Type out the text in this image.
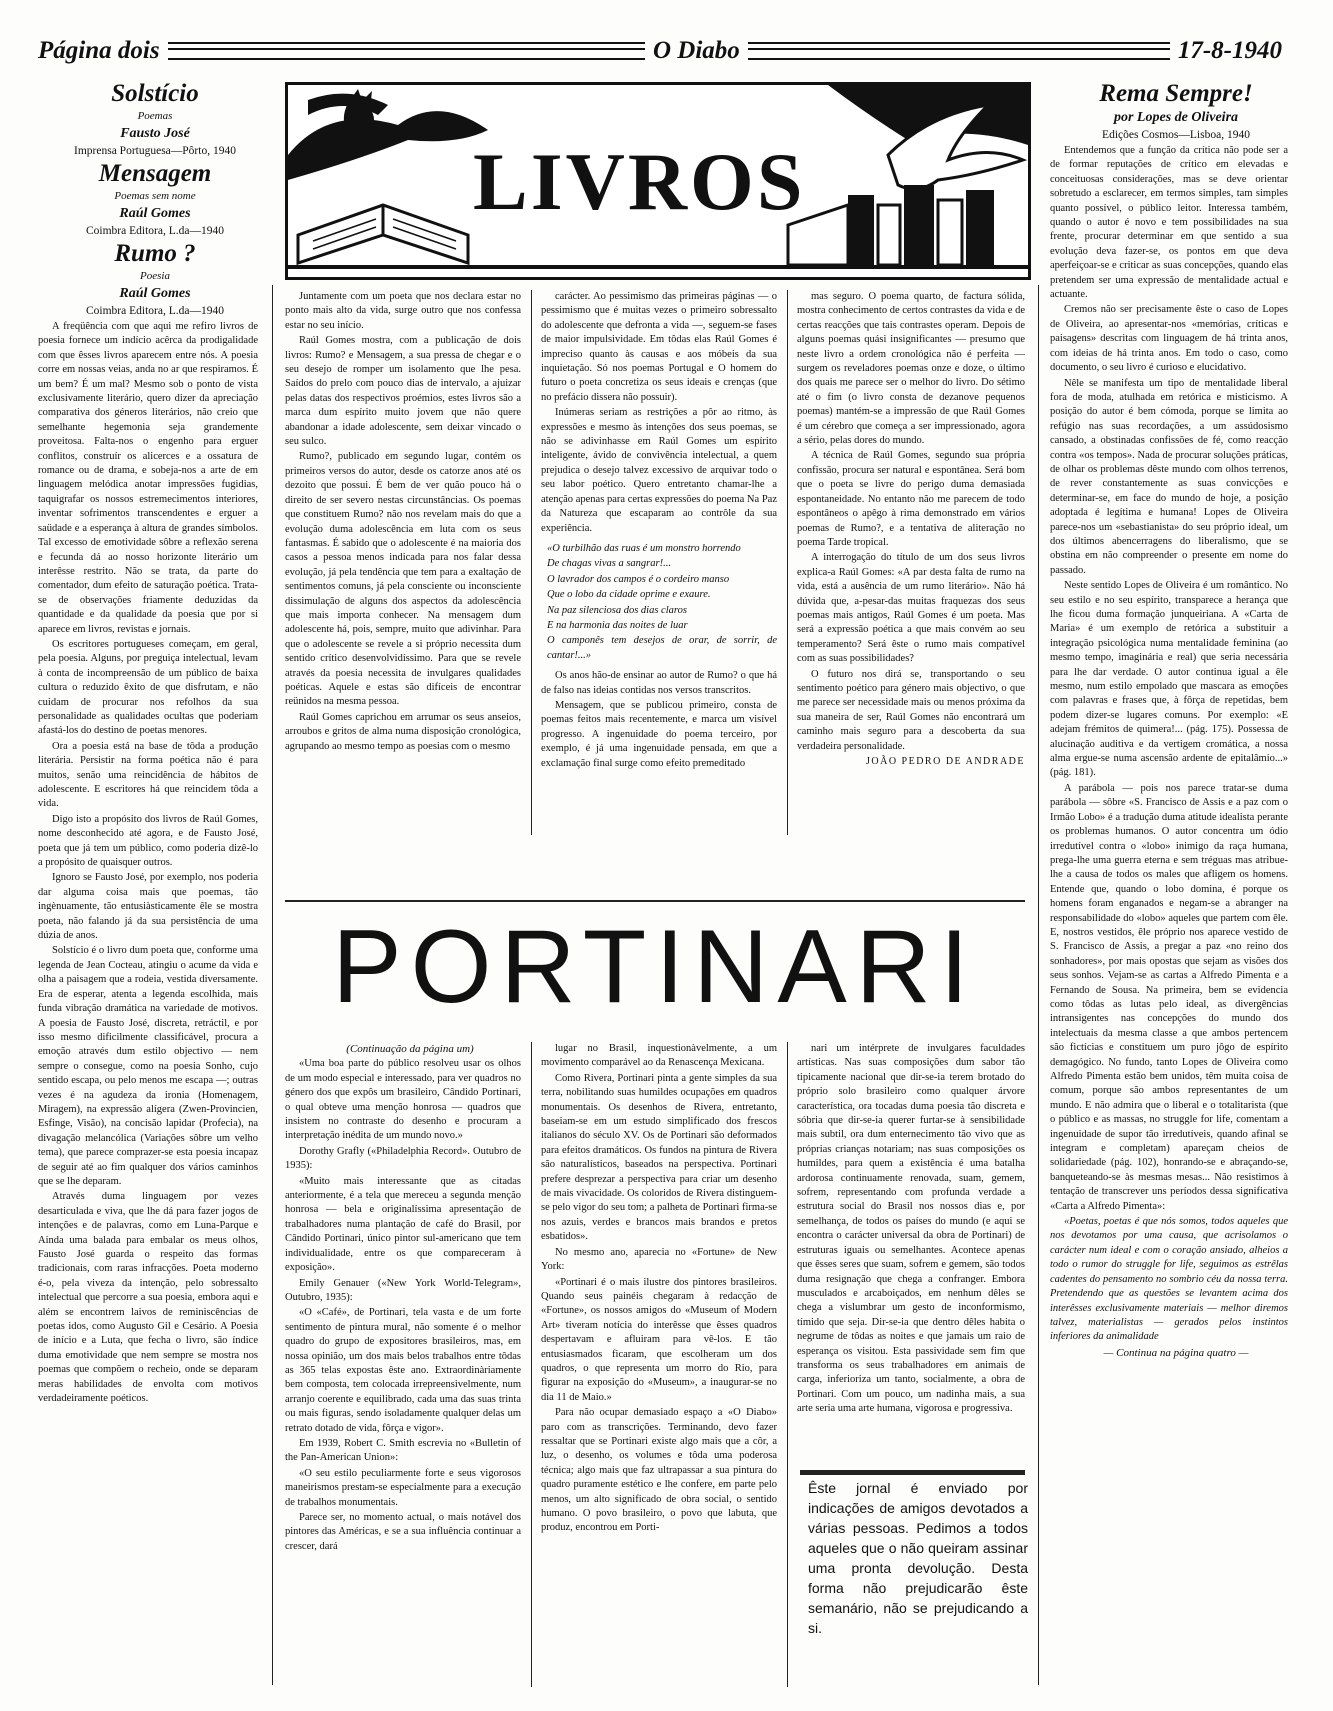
Página dois	O Diabo	17-8-1940

Solstício

Poemas

Fausto José

Imprensa Portuguesa—Pôrto, 1940

Mensagem

Poemas sem nome

Raúl Gomes

Coimbra Editora, L.da—1940

Rumo ?

Poesia

Raúl Gomes

Coimbra Editora, L.da—1940

A freqüência com que aqui me refiro livros de poesia fornece um indício acêrca da prodigalidade com que êsses livros aparecem entre nós. A poesia corre em nossas veias, anda no ar que respiramos. É um bem? É um mal? Mesmo sob o ponto de vista exclusivamente literário, quero dizer da apreciação comparativa dos géneros literários, não creio que semelhante hegemonia seja grandemente proveitosa. Falta-nos o engenho para erguer conflitos, construír os alicerces e a ossatura de romance ou de drama, e sobeja-nos a arte de em linguagem melódica anotar impressões fugidias, taquigrafar os nossos estremecimentos interiores, inventar sofrimentos transcendentes e erguer a saüdade e a esperança à altura de grandes símbolos. Tal excesso de emotividade sôbre a reflexão serena e fecunda dá ao nosso horizonte literário um interêsse restrito. Não se trata, da parte do comentador, dum efeito de saturação poética. Trata-se de observações friamente deduzidas da quantidade e da qualidade da poesia que por si aparece em livros, revistas e jornais.

Os escritores portugueses começam, em geral, pela poesia. Alguns, por preguiça intelectual, levam à conta de incompreensão de um público de baixa cultura o reduzido êxito de que disfrutam, e não cuidam de procurar nos refolhos da sua personalidade as qualidades ocultas que poderiam afastá-los do destino de poetas menores.

Ora a poesia está na base de tôda a produção literária. Persistir na forma poética não é para muitos, senão uma reincidência de hábitos de adolescente. E escritores há que reincidem tôda a vida.

Digo isto a propósito dos livros de Raúl Gomes, nome desconhecido até agora, e de Fausto José, poeta que já tem um público, como poderia dizê-lo a propósito de quaisquer outros.

Ignoro se Fausto José, por exemplo, nos poderia dar alguma coisa mais que poemas, tão ingènuamente, tão entusiàsticamente êle se mostra poeta, não falando já da sua persistência de uma dúzia de anos.

Solstício é o livro dum poeta que, conforme uma legenda de Jean Cocteau, atingiu o acume da vida e olha a paisagem que a rodeia, vestida diversamente. Era de esperar, atenta a legenda escolhida, mais funda vibração dramática na variedade de motivos. A poesia de Fausto José, discreta, retráctil, e por isso mesmo dificilmente classificável, procura a emoção através dum estilo objectivo — nem sempre o consegue, como na poesia Sonho, cujo sentido escapa, ou pelo menos me escapa —; outras vezes é na agudeza da ironia (Homenagem, Miragem), na expressão alígera (Zwen-Provincien, Esfinge, Visão), na concisão lapidar (Profecia), na divagação melancólica (Variações sôbre um velho tema), que parece comprazer-se esta poesia incapaz de seguir até ao fim qualquer dos vários caminhos que se lhe deparam.

Através duma linguagem por vezes desarticulada e viva, que lhe dá para fazer jogos de intenções e de palavras, como em Luna-Parque e Ainda uma balada para embalar os meus olhos, Fausto José guarda o respeito das formas tradicionais, com raras infracções. Poeta moderno é-o, pela viveza da intenção, pelo sobressalto intelectual que percorre a sua poesia, embora aqui e além se encontrem laivos de reminiscências de poetas idos, como Augusto Gil e Cesário. A Poesia de início e a Luta, que fecha o livro, são índice duma emotividade que nem sempre se mostra nos poemas que compõem o recheio, onde se deparam meras habilidades de envolta com motivos verdadeiramente poéticos.

LIVROS

Juntamente com um poeta que nos declara estar no ponto mais alto da vida, surge outro que nos confessa estar no seu início.

Raúl Gomes mostra, com a publicação de dois livros: Rumo? e Mensagem, a sua pressa de chegar e o seu desejo de romper um isolamento que lhe pesa. Saídos do prelo com pouco dias de intervalo, a ajuizar pelas datas dos respectivos proémios, estes livros são a marca dum espírito muito jovem que não quere abandonar a idade adolescente, sem deixar vincado o seu sulco.

Rumo?, publicado em segundo lugar, contém os primeiros versos do autor, desde os catorze anos até os dezoito que possui. É bem de ver quão pouco há o direito de ser severo nestas circunstâncias. Os poemas que constituem Rumo? não nos revelam mais do que a evolução duma adolescência em luta com os seus fantasmas. É sabido que o adolescente é na maioria dos casos a pessoa menos indicada para nos falar dessa evolução, já pela tendência que tem para a exaltação de sentimentos comuns, já pela consciente ou inconsciente dissimulação de alguns dos aspectos da adolescência que mais importa conhecer. Na mensagem dum adolescente há, pois, sempre, muito que adivinhar. Para que o adolescente se revele a si próprio necessita dum sentido crítico desenvolvidíssimo. Para que se revele através da poesia necessita de invulgares qualidades poéticas. Aquele e estas são difíceis de encontrar reünidos na mesma pessoa.

Raúl Gomes caprichou em arrumar os seus anseios, arroubos e gritos de alma numa disposição cronológica, agrupando ao mesmo tempo as poesias com o mesmo

carácter. Ao pessimismo das primeiras páginas — o pessimismo que é muitas vezes o primeiro sobressalto do adolescente que defronta a vida —, seguem-se fases de maior impulsividade. Em tôdas elas Raúl Gomes é impreciso quanto às causas e aos móbeis da sua inquietação. Só nos poemas Portugal e O homem do futuro o poeta concretiza os seus ideais e crenças (que no prefácio dissera não possuir).

Inúmeras seriam as restrições a pôr ao ritmo, às expressões e mesmo às intenções dos seus poemas, se não se adivinhasse em Raúl Gomes um espírito inteligente, ávido de convivência intelectual, a quem prejudica o desejo talvez excessivo de arquivar todo o seu labor poético. Quero entretanto chamar-lhe a atenção apenas para certas expressões do poema Na Paz da Natureza que escaparam ao contrôle da sua experiência.

«O turbilhão das ruas é um monstro horrendo

De chagas vivas a sangrar!...

O lavrador dos campos é o cordeiro manso

Que o lobo da cidade oprime e exaure.

Na paz silenciosa dos dias claros

E na harmonia das noites de luar

O camponês tem desejos de orar, de sorrir, de cantar!...»

Os anos hão-de ensinar ao autor de Rumo? o que há de falso nas ideias contidas nos versos transcritos.

Mensagem, que se publicou primeiro, consta de poemas feitos mais recentemente, e marca um visível progresso. A ingenuidade do poema terceiro, por exemplo, é já uma ingenuidade pensada, em que a exclamação final surge como efeito premeditado

mas seguro. O poema quarto, de factura sólida, mostra conhecimento de certos contrastes da vida e de certas reacções que tais contrastes operam. Depois de alguns poemas quási insignificantes — presumo que neste livro a ordem cronológica não é perfeita — surgem os reveladores poemas onze e doze, o último dos quais me parece ser o melhor do livro. Do sétimo até o fim (o livro consta de dezanove pequenos poemas) mantém-se a impressão de que Raúl Gomes é um cérebro que começa a ser impressionado, agora a sério, pelas dores do mundo.

A técnica de Raúl Gomes, segundo sua própria confissão, procura ser natural e espontânea. Será bom que o poeta se livre do perigo duma demasiada espontaneidade. No entanto não me parecem de todo espontâneos o apêgo à rima demonstrado em vários poemas de Rumo?, e a tentativa de aliteração no poema Tarde tropical.

A interrogação do título de um dos seus livros explica-a Raúl Gomes: «A par desta falta de rumo na vida, está a ausência de um rumo literário». Não há dúvida que, a-pesar-das muitas fraquezas dos seus poemas mais antigos, Raúl Gomes é um poeta. Mas será a expressão poética a que mais convém ao seu temperamento? Será êste o rumo mais compatível com as suas possibilidades?

O futuro nos dirá se, transportando o seu sentimento poético para género mais objectivo, o que me parece ser necessidade mais ou menos próxima da sua maneira de ser, Raúl Gomes não encontrará um caminho mais seguro para a descoberta da sua verdadeira personalidade.

JOÃO PEDRO DE ANDRADE

PORTINARI

(Continuação da página um)

«Uma boa parte do público resolveu usar os olhos de um modo especial e interessado, para ver quadros no género dos que expôs um brasileiro, Cândido Portinari, o qual obteve uma menção honrosa — quadros que insistem no contraste do desenho e procuram a interpretação inédita de um mundo novo.»

Dorothy Grafly («Philadelphia Record». Outubro de 1935):

«Muito mais interessante que as citadas anteriormente, é a tela que mereceu a segunda menção honrosa — bela e originalíssima apresentação de trabalhadores numa plantação de café do Brasil, por Cândido Portinari, único pintor sul-americano que tem individualidade, entre os que compareceram à exposição».

Emily Genauer («New York World-Telegram», Outubro, 1935):

«O «Café», de Portinari, tela vasta e de um forte sentimento de pintura mural, não somente é o melhor quadro do grupo de expositores brasileiros, mas, em nossa opinião, um dos mais belos trabalhos entre tôdas as 365 telas expostas êste ano. Extraordinàriamente bem composta, tem colocada irrepreensivelmente, num arranjo coerente e equilibrado, cada uma das suas trinta ou mais figuras, sendo isoladamente qualquer delas um retrato dotado de vida, fôrça e vigor».

Em 1939, Robert C. Smith escrevia no «Bulletin of the Pan-American Union»:

«O seu estilo peculiarmente forte e seus vigorosos maneirismos prestam-se especialmente para a execução de trabalhos monumentais.

Parece ser, no momento actual, o mais notável dos pintores das Américas, e se a sua influência continuar a crescer, dará

lugar no Brasil, inquestionàvelmente, a um movimento comparável ao da Renascença Mexicana.

Como Rivera, Portinari pinta a gente simples da sua terra, nobilitando suas humildes ocupações em quadros monumentais. Os desenhos de Rivera, entretanto, baseiam-se em um estudo simplificado dos frescos italianos do século XV. Os de Portinari são deformados para efeitos dramáticos. Os fundos na pintura de Rivera são naturalísticos, baseados na perspectiva. Portinari prefere desprezar a perspectiva para criar um desenho de mais vivacidade. Os coloridos de Rivera distinguem-se pelo vigor do seu tom; a palheta de Portinari firma-se nos azuis, verdes e brancos mais brandos e pretos esbatidos».

No mesmo ano, aparecia no «Fortune» de New York:

«Portinari é o mais ilustre dos pintores brasileiros. Quando seus painéis chegaram à redacção de «Fortune», os nossos amigos do «Museum of Modern Art» tiveram notícia do interêsse que êsses quadros despertavam e afluiram para vê-los. E tão entusiasmados ficaram, que escolheram um dos quadros, o que representa um morro do Rio, para figurar na exposição do «Museum», a inaugurar-se no dia 11 de Maio.»

Para não ocupar demasiado espaço a «O Diabo» paro com as transcrições. Terminando, devo fazer ressaltar que se Portinari existe algo mais que a côr, a luz, o desenho, os volumes e tôda uma poderosa técnica; algo mais que faz ultrapassar a sua pintura do quadro puramente estético e lhe confere, em parte pelo menos, um alto significado de obra social, o sentido humano. O povo brasileiro, o povo que labuta, que produz, encontrou em Porti-

nari um intérprete de invulgares faculdades artísticas. Nas suas composições dum sabor tão tipicamente nacional que dir-se-ia terem brotado do próprio solo brasileiro como qualquer árvore característica, ora tocadas duma poesia tão discreta e sóbria que dir-se-ia querer furtar-se à sensibilidade mais subtil, ora dum enternecimento tão vivo que as próprias crianças notariam; nas suas composições os humildes, para quem a existência é uma batalha ardorosa continuamente renovada, suam, gemem, sofrem, representando com profunda verdade a estrutura social do Brasil nos nossos dias e, por semelhança, de todos os países do mundo (e aqui se encontra o carácter universal da obra de Portinari) de estruturas iguais ou semelhantes. Acontece apenas que êsses seres que suam, sofrem e gemem, são todos duma resignação que chega a confranger. Embora musculados e arcaboiçados, em nenhum dêles se chega a vislumbrar um gesto de inconformismo, tímido que seja. Dir-se-ia que dentro dêles habita o negrume de tôdas as noites e que jamais um raio de esperança os visitou. Esta passividade sem fim que transforma os seus trabalhadores em animais de carga, inferioriza um tanto, socialmente, a obra de Portinari. Com um pouco, um nadinha mais, a sua arte seria uma arte humana, vigorosa e progressiva.

Êste jornal é enviado por indicações de amigos devotados a várias pessoas. Pedimos a todos aqueles que o não queiram assinar uma pronta devolução. Desta forma não prejudicarão êste semanário, não se prejudicando a si.

Rema Sempre!

por Lopes de Oliveira

Edições Cosmos—Lisboa, 1940

Entendemos que a função da crítica não pode ser a de formar reputações de crítico em elevadas e conceituosas considerações, mas se deve orientar sobretudo a esclarecer, em termos simples, tam simples quanto possível, o público leitor. Interessa também, quando o autor é novo e tem possibilidades na sua frente, procurar determinar em que sentido a sua evolução deva fazer-se, os pontos em que deva aperfeiçoar-se e criticar as suas concepções, quando elas pretendem ser uma expressão de mentalidade actual e actuante.

Cremos não ser precisamente êste o caso de Lopes de Oliveira, ao apresentar-nos «memórias, críticas e paisagens» descritas com linguagem de há trinta anos, com ideias de há trinta anos. Em todo o caso, como documento, o seu livro é curioso e elucidativo.

Nêle se manifesta um tipo de mentalidade liberal fora de moda, atulhada em retórica e misticismo. A posição do autor é bem cómoda, porque se limita ao refúgio nas suas recordações, a um assúdosismo cansado, a obstinadas confissões de fé, como reacção contra «os tempos». Nada de procurar soluções práticas, de olhar os problemas dêste mundo com olhos terrenos, de rever constantemente as suas convicções e determinar-se, em face do mundo de hoje, a posição adoptada é legítima e humana! Lopes de Oliveira parece-nos um «sebastianista» do seu próprio ideal, um dos últimos abencerragens do liberalismo, que se obstina em não compreender o presente em nome do passado.

Neste sentido Lopes de Oliveira é um romântico. No seu estilo e no seu espírito, transparece a herança que lhe ficou duma formação junqueiriana. A «Carta de Maria» é um exemplo de retórica a substituir a integração psicológica numa mentalidade feminina (ao mesmo tempo, imaginária e real) que seria necessária para lhe dar verdade. O autor continua igual a êle mesmo, num estilo empolado que mascara as emoções com palavras e frases que, à fôrça de repetidas, bem podem dizer-se lugares comuns. Por exemplo: «E adejam frémitos de quimera!... (pág. 175). Possessa de alucinação auditiva e da vertigem cromática, a nossa alma ergue-se numa ascensão ardente de epitalâmio...» (pág. 181).

A parábola — pois nos parece tratar-se duma parábola — sôbre «S. Francisco de Assis e a paz com o Irmão Lobo» é a tradução duma atitude idealista perante os problemas humanos. O autor concentra um ódio irredutível contra o «lobo» inimigo da raça humana, prega-lhe uma guerra eterna e sem tréguas mas atribue-lhe a causa de todos os males que afligem os homens. Entende que, quando o lobo domina, é porque os homens foram enganados e negam-se a abranger na responsabilidade do «lobo» aqueles que partem com êle. E, nostros vestidos, êle próprio nos aparece vestido de S. Francisco de Assis, a pregar a paz «no reino dos sonhadores», por mais opostas que sejam as visões dos seus sonhos. Vejam-se as cartas a Alfredo Pimenta e a Fernando de Sousa. Na primeira, bem se evidencia como tôdas as lutas pelo ideal, as divergências intransigentes nas concepções do mundo dos intelectuais da mesma classe a que ambos pertencem são fictícias e constituem um puro jôgo de espírito demagógico. No fundo, tanto Lopes de Oliveira como Alfredo Pimenta estão bem unidos, têm muita coisa de comum, porque são ambos representantes de um mundo. E não admira que o liberal e o totalitarista (que o público e as massas, no struggle for life, comentam a ingenuidade de supor tão irredutíveis, quando afinal se integram e completam) apareçam cheios de solidariedade (pág. 102), honrando-se e abraçando-se, banqueteando-se às mesmas mesas... Não resistimos à tentação de transcrever uns períodos dessa significativa «Carta a Alfredo Pimenta»:

«Poetas, poetas é que nós somos, todos aqueles que nos devotamos por uma causa, que acrisolamos o carácter num ideal e com o coração ansiado, alheios a todo o rumor do struggle for life, seguimos as estrêlas cadentes do pensamento no sombrio céu da nossa terra. Pretendendo que as questões se levantem acima dos interêsses exclusivamente materiais — melhor diremos talvez, materialistas — gerados pelos instintos inferiores da animalidade

— Continua na página quatro —
